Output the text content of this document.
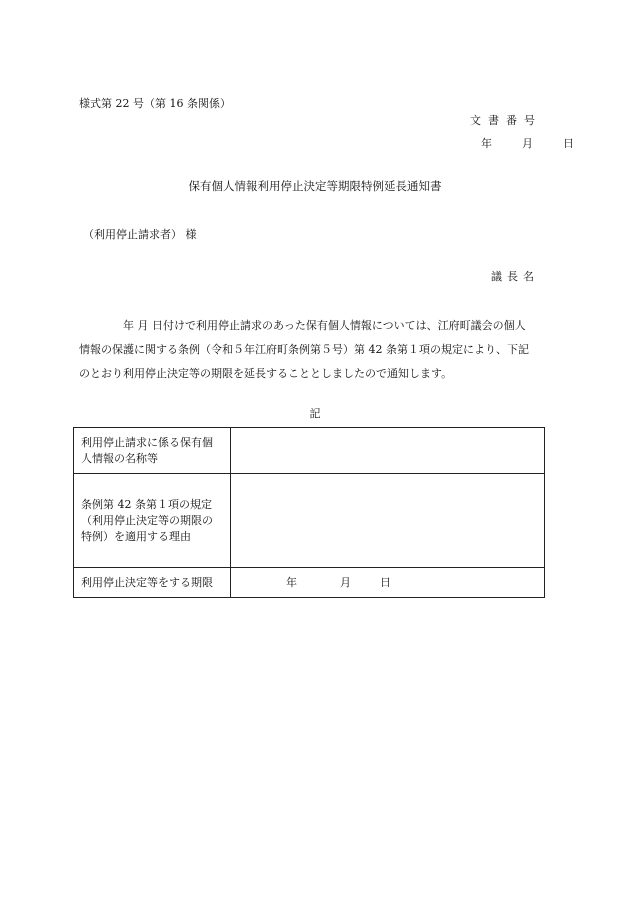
様式第 22 号（第 16 条関係）
文書番号
年	月	日
保有個人情報利用停止決定等期限特例延長通知書
（利用停止請求者） 様
議長名
年 月 日付けで利用停止請求のあった保有個人情報については、江府町議会の個人
情報の保護に関する条例（令和５年江府町条例第５号）第 42 条第１項の規定により、下記
のとおり利用停止決定等の期限を延長することとしましたので通知します。
記
利用停止請求に係る保有個
人情報の名称等	

条例第 42 条第１項の規定
（利用停止決定等の期限の
特例）を適用する理由	

利用停止決定等をする期限	年 月 日
